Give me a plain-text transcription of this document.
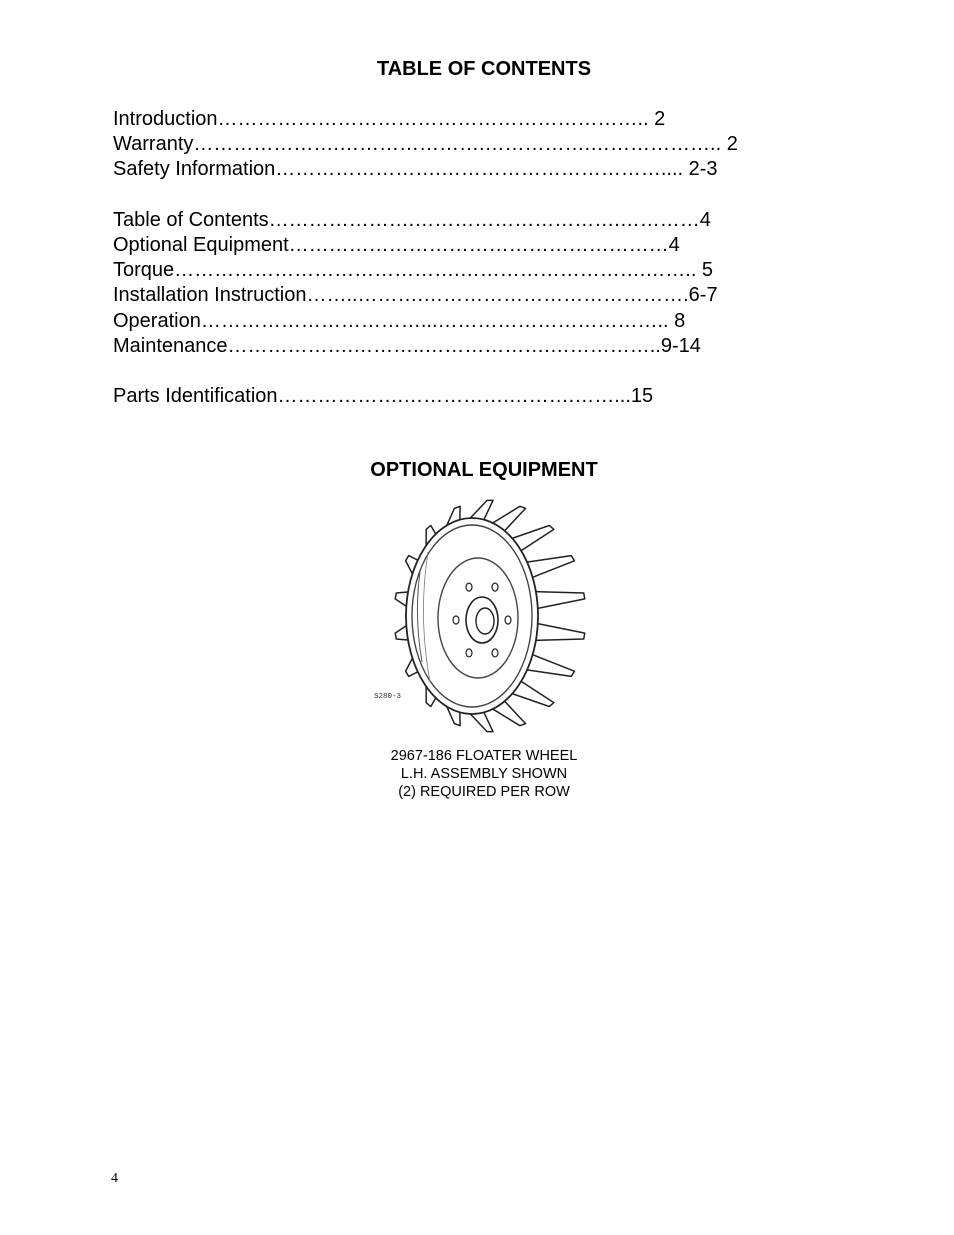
TABLE OF CONTENTS
Introduction……………………………………………………….. 2
Warranty………………….………………….…………….……………….. 2
Safety Information…………………….…………………………….... 2-3
Table of Contents………………….………………………….…………4
Optional Equipment…………………………………………………4
Torque…………………………………….……………………….…….. 5
Installation Instruction……..……….………………………………….6-7
Operation……………………………...…………………………….. 8
Maintenance……………….………..……………….……………..9-14
Parts Identification……………….…………….……….……...15
OPTIONAL EQUIPMENT
S280-3
2967-186 FLOATER WHEEL
L.H. ASSEMBLY SHOWN
(2) REQUIRED PER ROW
4
